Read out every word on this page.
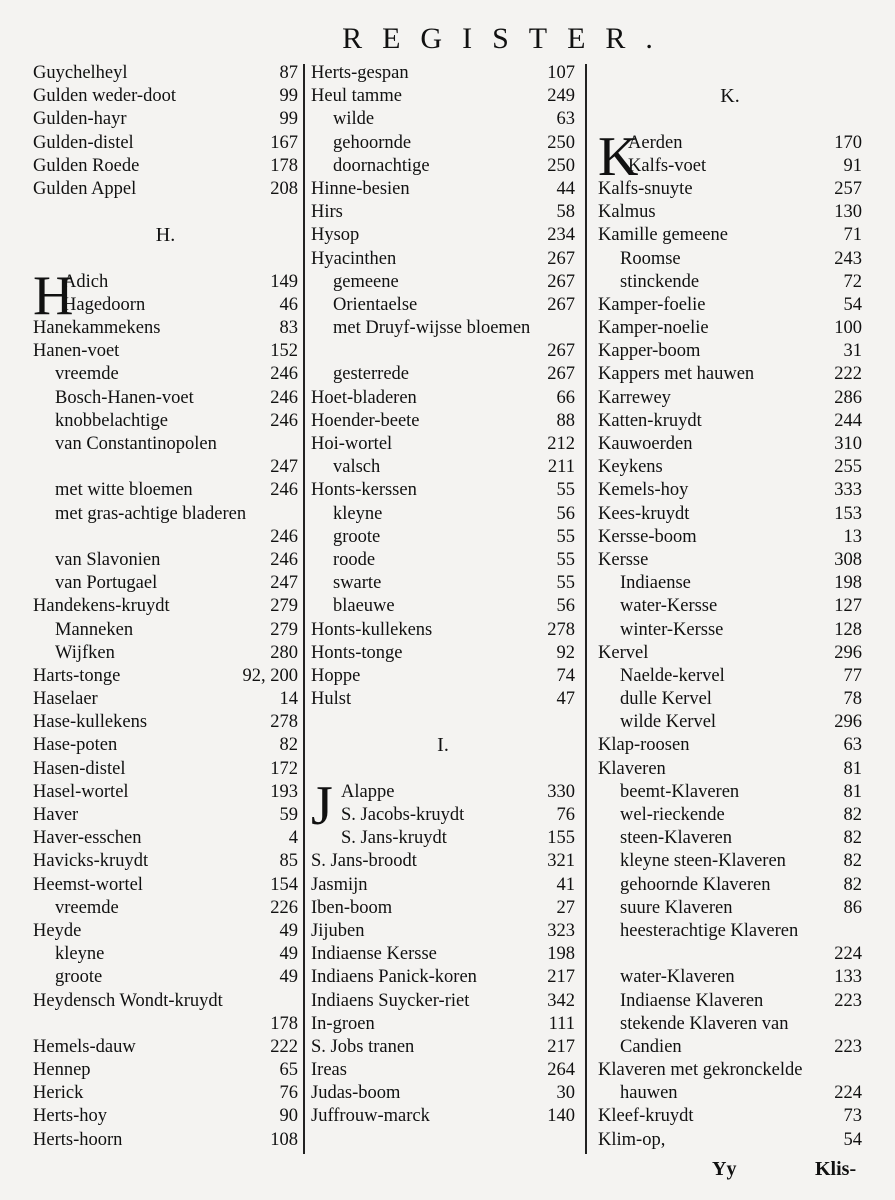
REGISTER.
Guychelheyl	87
Gulden weder-doot	99
Gulden-hayr	99
Gulden-distel	167
Gulden Roede	178
Gulden Appel	208
H.
H
Adich	149
Hagedoorn	46
Hanekammekens	83
Hanen-voet	152
vreemde	246
Bosch-Hanen-voet	246
knobbelachtige	246
van Constantinopolen
247
met witte bloemen	246
met gras-achtige bladeren
246
van Slavonien	246
van Portugael	247
Handekens-kruydt	279
Manneken	279
Wijfken	280
Harts-tonge	92, 200
Haselaer	14
Hase-kullekens	278
Hase-poten	82
Hasen-distel	172
Hasel-wortel	193
Haver	59
Haver-esschen	4
Havicks-kruydt	85
Heemst-wortel	154
vreemde	226
Heyde	49
kleyne	49
groote	49
Heydensch Wondt-kruydt
178
Hemels-dauw	222
Hennep	65
Herick	76
Herts-hoy	90
Herts-hoorn	108
Herts-gespan	107
Heul tamme	249
wilde	63
gehoornde	250
doornachtige	250
Hinne-besien	44
Hirs	58
Hysop	234
Hyacinthen	267
gemeene	267
Orientaelse	267
met Druyf-wijsse bloemen
267
gesterrede	267
Hoet-bladeren	66
Hoender-beete	88
Hoi-wortel	212
valsch	211
Honts-kerssen	55
kleyne	56
groote	55
roode	55
swarte	55
blaeuwe	56
Honts-kullekens	278
Honts-tonge	92
Hoppe	74
Hulst	47
I.
J Alappe	330
S. Jacobs-kruydt	76
S. Jans-kruydt	155
S. Jans-broodt	321
Jasmijn	41
Iben-boom	27
Jijuben	323
Indiaense Kersse	198
Indiaens Panick-koren	217
Indiaens Suycker-riet	342
In-groen	111
S. Jobs tranen	217
Ireas	264
Judas-boom	30
Juffrouw-marck	140
K.
K
Aerden	170
Kalfs-voet	91
Kalfs-snuyte	257
Kalmus	130
Kamille gemeene	71
Roomse	243
stinckende	72
Kamper-foelie	54
Kamper-noelie	100
Kapper-boom	31
Kappers met hauwen	222
Karrewey	286
Katten-kruydt	244
Kauwoerden	310
Keykens	255
Kemels-hoy	333
Kees-kruydt	153
Kersse-boom	13
Kersse	308
Indiaense	198
water-Kersse	127
winter-Kersse	128
Kervel	296
Naelde-kervel	77
dulle Kervel	78
wilde Kervel	296
Klap-roosen	63
Klaveren	81
beemt-Klaveren	81
wel-rieckende	82
steen-Klaveren	82
kleyne steen-Klaveren	82
gehoornde Klaveren	82
suure Klaveren	86
heesterachtige Klaveren
224
water-Klaveren	133
Indiaense Klaveren	223
stekende Klaveren van
Candien	223
Klaveren met gekronckelde
hauwen	224
Kleef-kruydt	73
Klim-op,	54
Yy	Klis-
